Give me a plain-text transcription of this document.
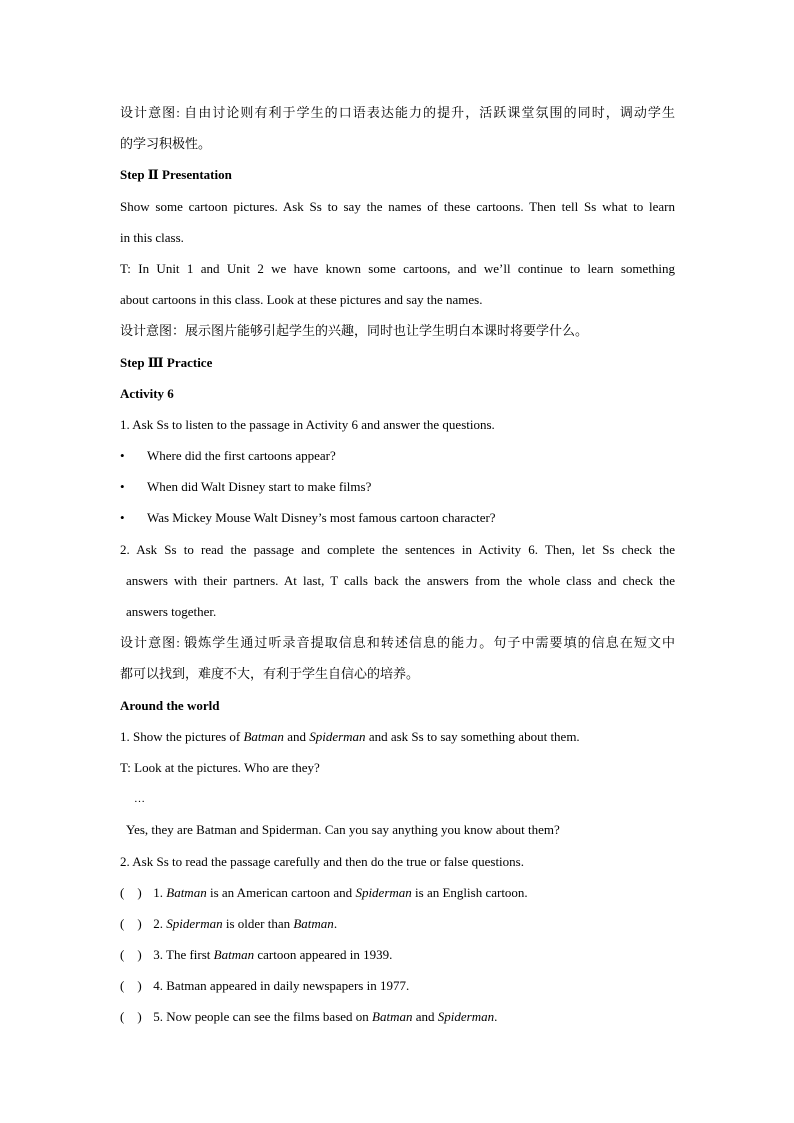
设计意图: 自由讨论则有利于学生的口语表达能力的提升，活跃课堂氛围的同时，调动学生
的学习积极性。
Step Ⅱ Presentation
Show some cartoon pictures. Ask Ss to say the names of these cartoons. Then tell Ss what to learn
in this class.
T: In Unit 1 and Unit 2 we have known some cartoons, and we’ll continue to learn something
about cartoons in this class. Look at these pictures and say the names.
设计意图：展示图片能够引起学生的兴趣，同时也让学生明白本课时将要学什么。
Step Ⅲ Practice
Activity 6
1. Ask Ss to listen to the passage in Activity 6 and answer the questions.
•	Where did the first cartoons appear?
•	When did Walt Disney start to make films?
•	Was Mickey Mouse Walt Disney’s most famous cartoon character?
2. Ask Ss to read the passage and complete the sentences in Activity 6. Then, let Ss check the
answers with their partners. At last, T calls back the answers from the whole class and check the
answers together.
设计意图: 锻炼学生通过听录音提取信息和转述信息的能力。句子中需要填的信息在短文中
都可以找到，难度不大，有利于学生自信心的培养。
Around the world
1. Show the pictures of Batman and Spiderman and ask Ss to say something about them.
T: Look at the pictures. Who are they?
…
Yes, they are Batman and Spiderman. Can you say anything you know about them?
2. Ask Ss to read the passage carefully and then do the true or false questions.
(　) 1. Batman is an American cartoon and Spiderman is an English cartoon.
(　) 2. Spiderman is older than Batman.
(　) 3. The first Batman cartoon appeared in 1939.
(　) 4. Batman appeared in daily newspapers in 1977.
(　) 5. Now people can see the films based on Batman and Spiderman.
